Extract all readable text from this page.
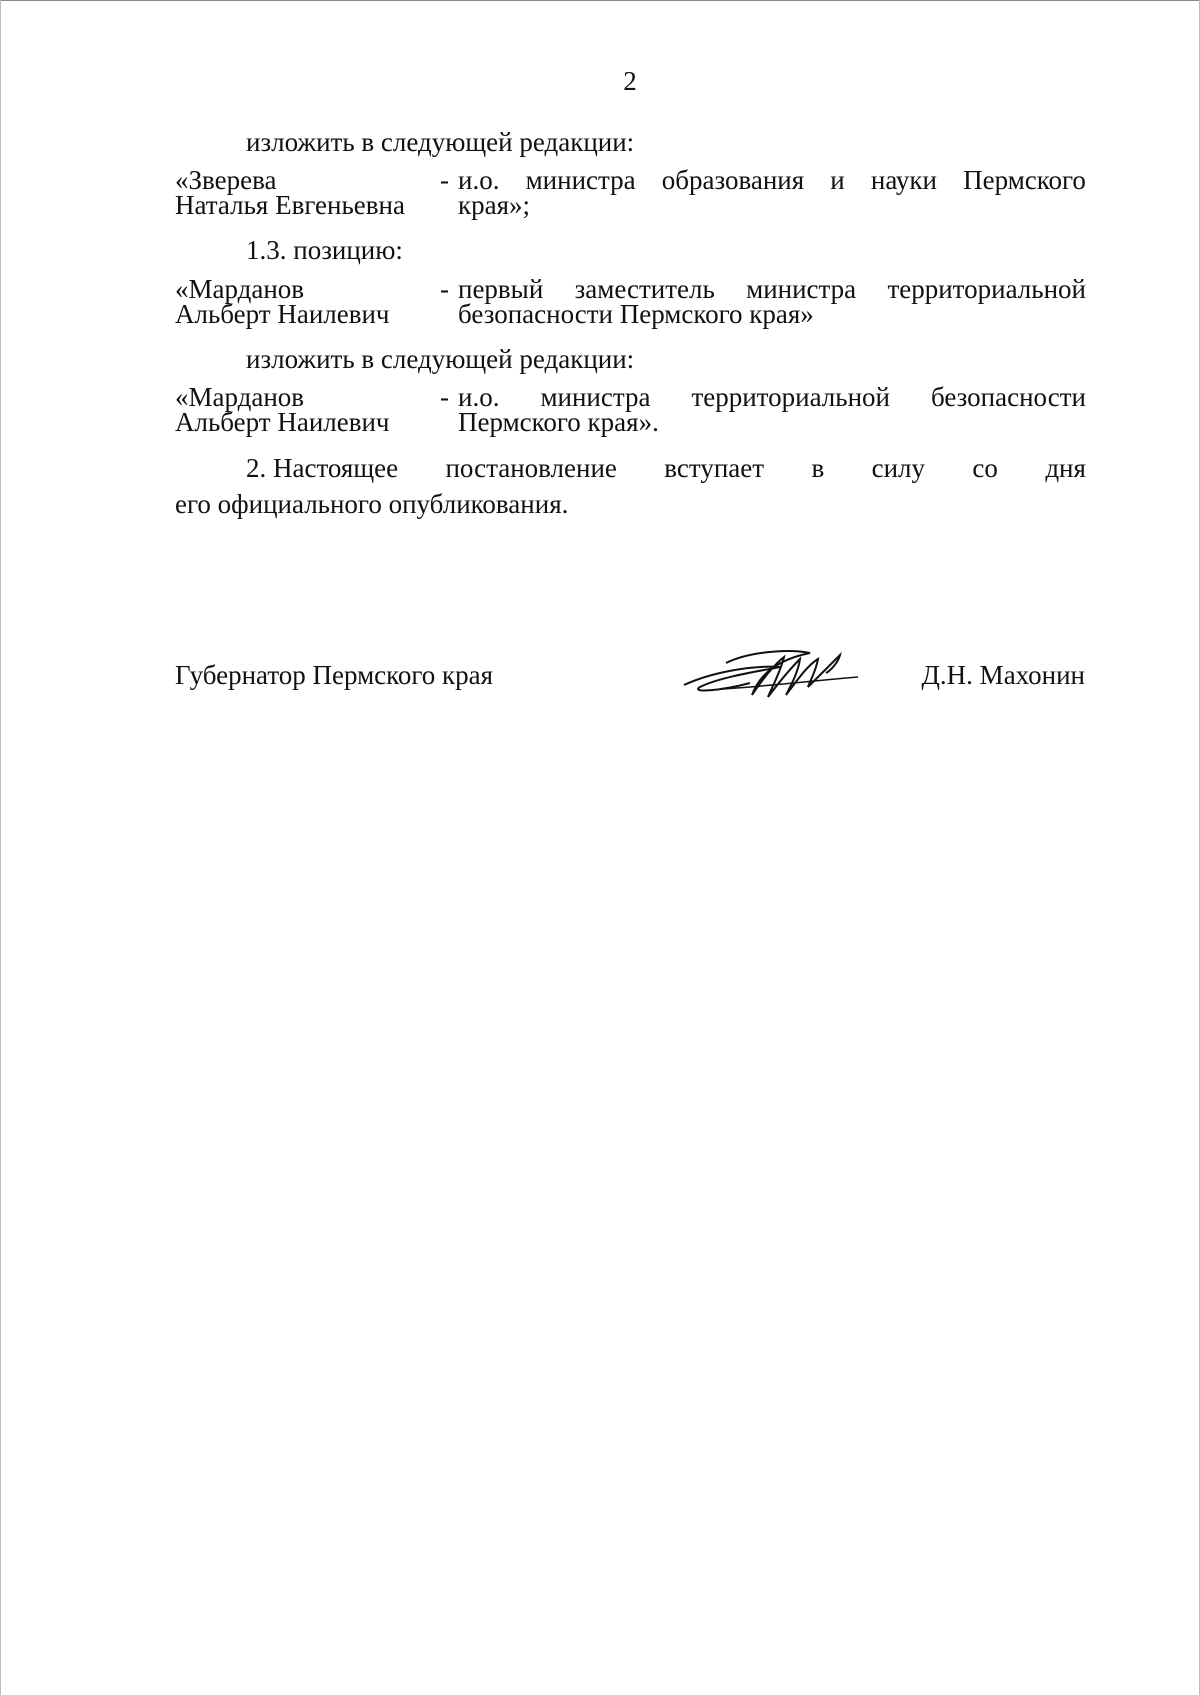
2
изложить в следующей редакции:
«Зверева
Наталья Евгеньевна
- и.о. министра образования и науки Пермского
края»;
1.3. позицию:
«Марданов
Альберт Наилевич
- первый заместитель министра территориальной
безопасности Пермского края»
изложить в следующей редакции:
«Марданов
Альберт Наилевич
- и.о. министра территориальной безопасности
Пермского края».
2. Настоящее постановление вступает в силу со дня
его официального опубликования.
Губернатор Пермского края	Д.Н. Махонин
